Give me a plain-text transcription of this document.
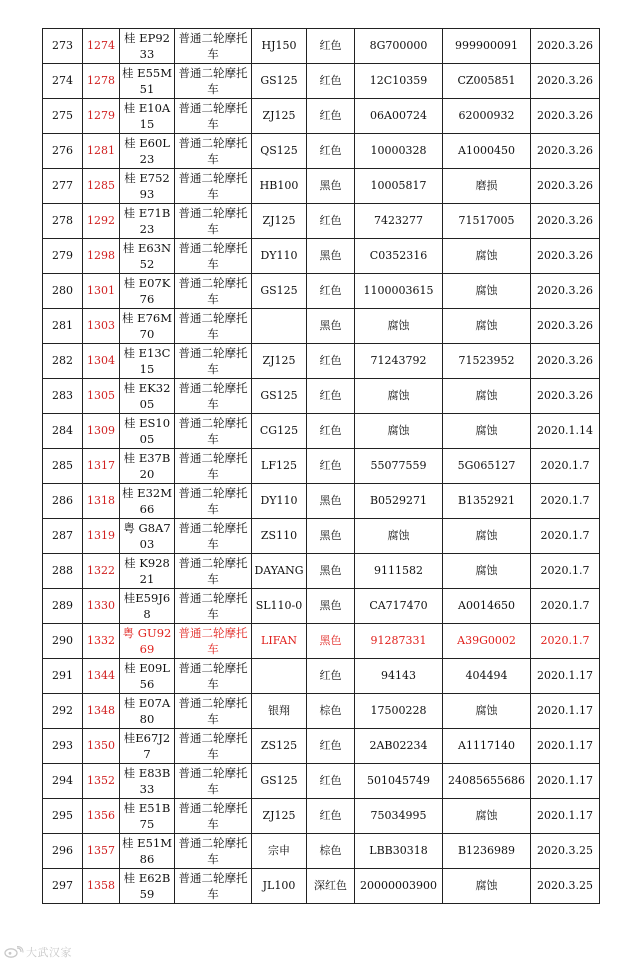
273	1274	桂 EP9233	普通二轮摩托车	HJ150	红色	8G700000	999900091	2020.3.26
274	1278	桂 E55M51	普通二轮摩托车	GS125	红色	12C10359	CZ005851	2020.3.26
275	1279	桂 E10A15	普通二轮摩托车	ZJ125	红色	06A00724	62000932	2020.3.26
276	1281	桂 E60L23	普通二轮摩托车	QS125	红色	10000328	A1000450	2020.3.26
277	1285	桂 E75293	普通二轮摩托车	HB100	黑色	10005817	磨损	2020.3.26
278	1292	桂 E71B23	普通二轮摩托车	ZJ125	红色	7423277	71517005	2020.3.26
279	1298	桂 E63N52	普通二轮摩托车	DY110	黑色	C0352316	腐蚀	2020.3.26
280	1301	桂 E07K76	普通二轮摩托车	GS125	红色	1100003615	腐蚀	2020.3.26
281	1303	桂 E76M70	普通二轮摩托车		黑色	腐蚀	腐蚀	2020.3.26
282	1304	桂 E13C15	普通二轮摩托车	ZJ125	红色	71243792	71523952	2020.3.26
283	1305	桂 EK3205	普通二轮摩托车	GS125	红色	腐蚀	腐蚀	2020.3.26
284	1309	桂 ES1005	普通二轮摩托车	CG125	红色	腐蚀	腐蚀	2020.1.14
285	1317	桂 E37B20	普通二轮摩托车	LF125	红色	55077559	5G065127	2020.1.7
286	1318	桂 E32M66	普通二轮摩托车	DY110	黑色	B0529271	B1352921	2020.1.7
287	1319	粤 G8A703	普通二轮摩托车	ZS110	黑色	腐蚀	腐蚀	2020.1.7
288	1322	桂 K92821	普通二轮摩托车	DAYANG	黑色	9111582	腐蚀	2020.1.7
289	1330	桂E59J68	普通二轮摩托车	SL110-0	黑色	CA717470	A0014650	2020.1.7
290	1332	粤 GU9269	普通二轮摩托车	LIFAN	黑色	91287331	A39G0002	2020.1.7
291	1344	桂 E09L56	普通二轮摩托车		红色	94143	404494	2020.1.17
292	1348	桂 E07A80	普通二轮摩托车	银翔	棕色	17500228	腐蚀	2020.1.17
293	1350	桂E67J27	普通二轮摩托车	ZS125	红色	2AB02234	A1117140	2020.1.17
294	1352	桂 E83B33	普通二轮摩托车	GS125	红色	501045749	24085655686	2020.1.17
295	1356	桂 E51B75	普通二轮摩托车	ZJ125	红色	75034995	腐蚀	2020.1.17
296	1357	桂 E51M86	普通二轮摩托车	宗申	棕色	LBB30318	B1236989	2020.3.25
297	1358	桂 E62B59	普通二轮摩托车	JL100	深红色	20000003900	腐蚀	2020.3.25
大武汉家
